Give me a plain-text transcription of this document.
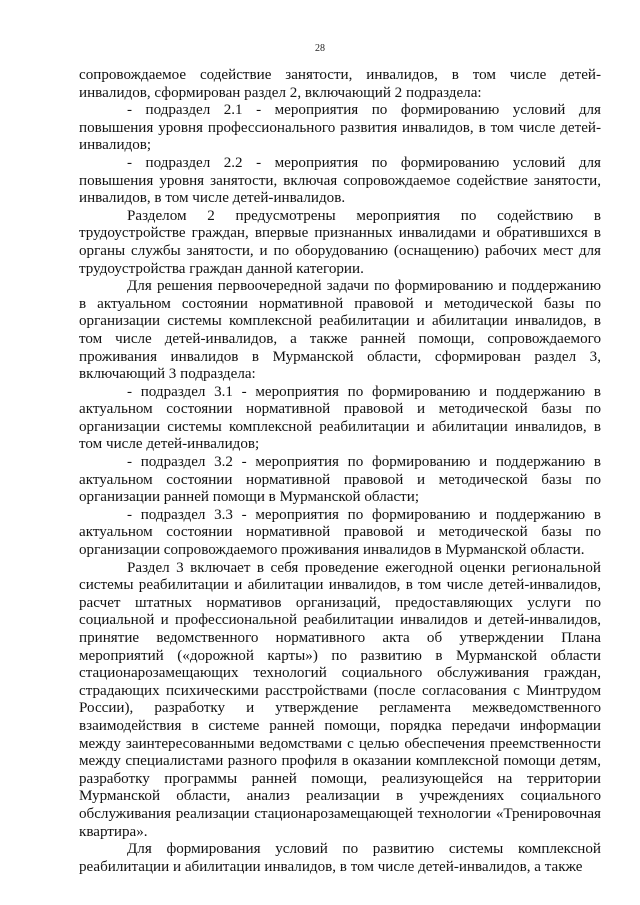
28

сопровождаемое содействие занятости, инвалидов, в том числе детей-инвалидов, сформирован раздел 2, включающий 2 подраздела:

- подраздел 2.1 - мероприятия по формированию условий для повышения уровня профессионального развития инвалидов, в том числе детей-инвалидов;

- подраздел 2.2 - мероприятия по формированию условий для повышения уровня занятости, включая сопровождаемое содействие занятости, инвалидов, в том числе детей-инвалидов.

Разделом 2 предусмотрены мероприятия по содействию в трудоустройстве граждан, впервые признанных инвалидами и обратившихся в органы службы занятости, и по оборудованию (оснащению) рабочих мест для трудоустройства граждан данной категории.

Для решения первоочередной задачи по формированию и поддержанию в актуальном состоянии нормативной правовой и методической базы по организации системы комплексной реабилитации и абилитации инвалидов, в том числе детей-инвалидов, а также ранней помощи, сопровождаемого проживания инвалидов в Мурманской области, сформирован раздел 3, включающий 3 подраздела:

- подраздел 3.1 - мероприятия по формированию и поддержанию в актуальном состоянии нормативной правовой и методической базы по организации системы комплексной реабилитации и абилитации инвалидов, в том числе детей-инвалидов;

- подраздел 3.2 - мероприятия по формированию и поддержанию в актуальном состоянии нормативной правовой и методической базы по организации ранней помощи в Мурманской области;

- подраздел 3.3 - мероприятия по формированию и поддержанию в актуальном состоянии нормативной правовой и методической базы по организации сопровождаемого проживания инвалидов в Мурманской области.

Раздел 3 включает в себя проведение ежегодной оценки региональной системы реабилитации и абилитации инвалидов, в том числе детей-инвалидов, расчет штатных нормативов организаций, предоставляющих услуги по социальной и профессиональной реабилитации инвалидов и детей-инвалидов, принятие ведомственного нормативного акта об утверждении Плана мероприятий («дорожной карты») по развитию в Мурманской области стационарозамещающих технологий социального обслуживания граждан, страдающих психическими расстройствами (после согласования с Минтрудом России), разработку и утверждение регламента межведомственного взаимодействия в системе ранней помощи, порядка передачи информации между заинтересованными ведомствами с целью обеспечения преемственности между специалистами разного профиля в оказании комплексной помощи детям, разработку программы ранней помощи, реализующейся на территории Мурманской области, анализ реализации в учреждениях социального обслуживания реализации стационарозамещающей технологии «Тренировочная квартира».

Для формирования условий по развитию системы комплексной реабилитации и абилитации инвалидов, в том числе детей-инвалидов, а также
